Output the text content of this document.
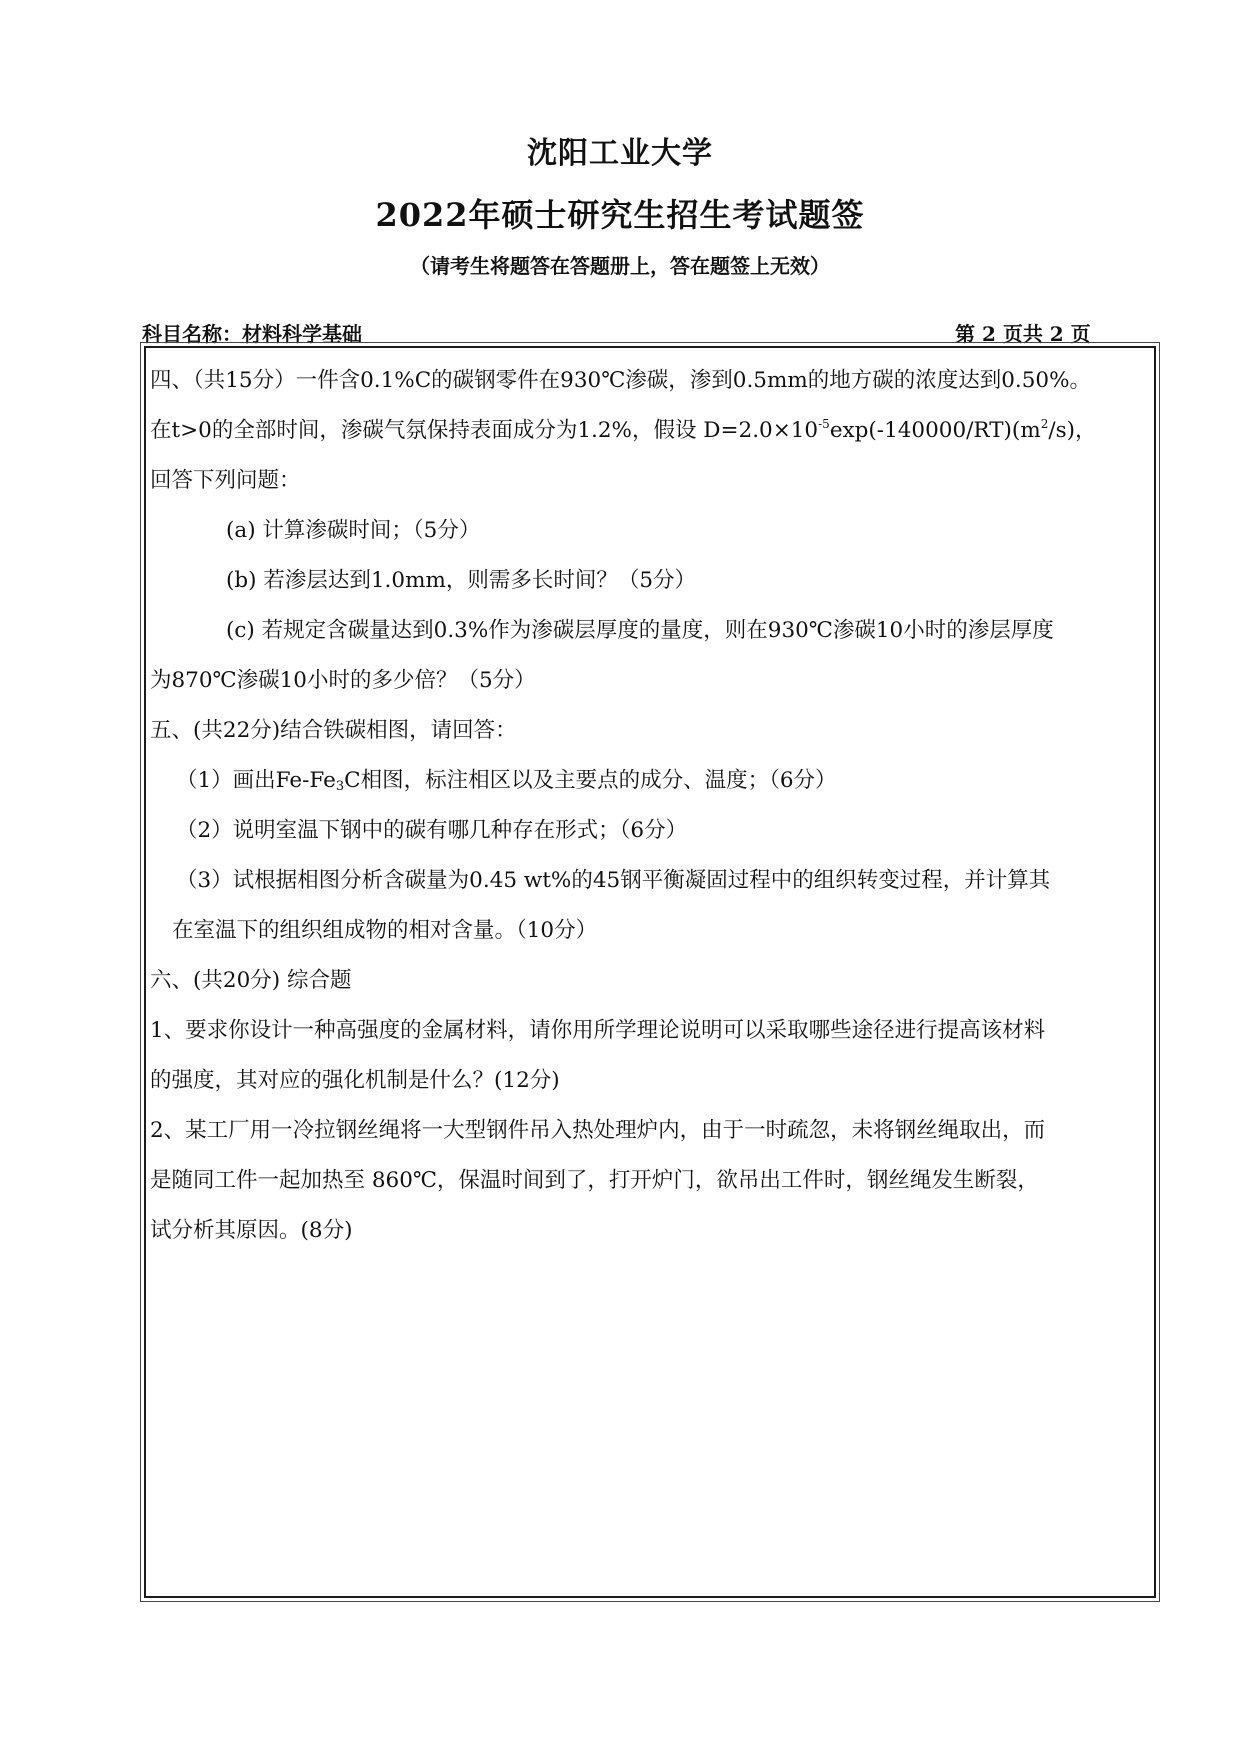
沈阳工业大学
2022年硕士研究生招生考试题签
（请考生将题答在答题册上，答在题签上无效）
科目名称：材料科学基础	第 2 页共 2 页
四、（共15分）一件含0.1%C的碳钢零件在930℃渗碳，渗到0.5mm的地方碳的浓度达到0.50%。
在t>0的全部时间，渗碳气氛保持表面成分为1.2%，假设 $D=2.0\times 10^{-5}\exp(-140000/RT)(m^2/s)$，
回答下列问题：
(a) 计算渗碳时间；（5分）
(b) 若渗层达到1.0mm，则需多长时间？（5分）
(c) 若规定含碳量达到0.3%作为渗碳层厚度的量度，则在930℃渗碳10小时的渗层厚度
为870℃渗碳10小时的多少倍？（5分）
五、(共22分)结合铁碳相图，请回答：
（1）画出$Fe-Fe_3C$相图，标注相区以及主要点的成分、温度；（6分）
（2）说明室温下钢中的碳有哪几种存在形式；（6分）
（3）试根据相图分析含碳量为0.45 wt%的45钢平衡凝固过程中的组织转变过程，并计算其
在室温下的组织组成物的相对含量。（10分）
六、(共20分) 综合题
1、要求你设计一种高强度的金属材料，请你用所学理论说明可以采取哪些途径进行提高该材料
的强度，其对应的强化机制是什么？(12分)
2、某工厂用一冷拉钢丝绳将一大型钢件吊入热处理炉内，由于一时疏忽，未将钢丝绳取出，而
是随同工件一起加热至 860℃，保温时间到了，打开炉门，欲吊出工件时，钢丝绳发生断裂，
试分析其原因。(8分)
